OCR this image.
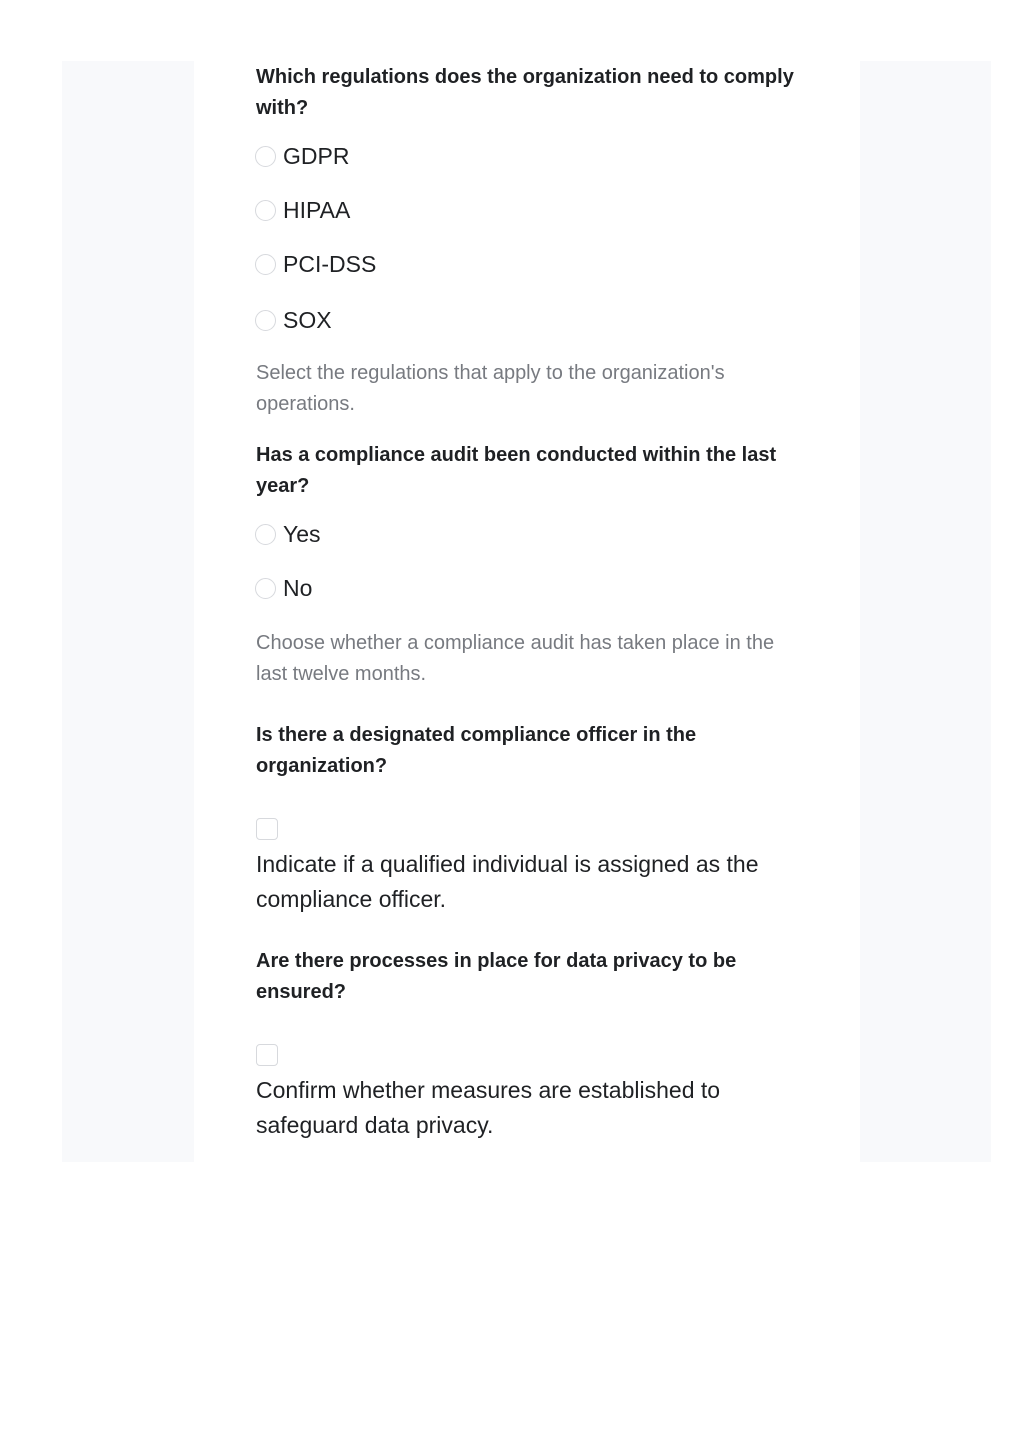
Which regulations does the organization need to comply with?
GDPR
HIPAA
PCI-DSS
SOX
Select the regulations that apply to the organization's operations.
Has a compliance audit been conducted within the last year?
Yes
No
Choose whether a compliance audit has taken place in the last twelve months.
Is there a designated compliance officer in the organization?
Indicate if a qualified individual is assigned as the compliance officer.
Are there processes in place for data privacy to be ensured?
Confirm whether measures are established to safeguard data privacy.
